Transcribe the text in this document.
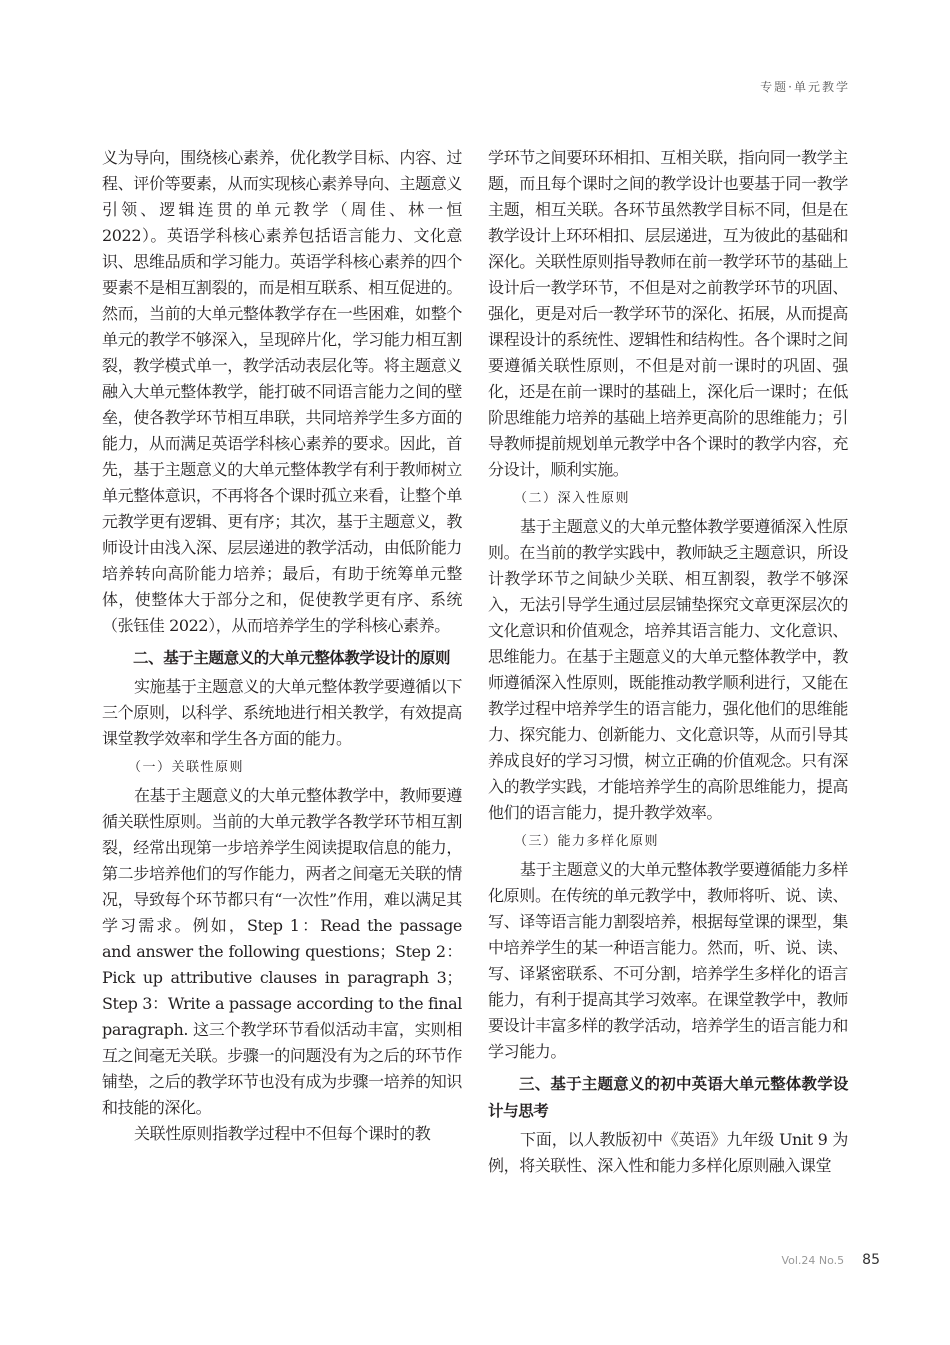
专题·单元教学

义为导向，围绕核心素养，优化教学目标、内容、过程、评价等要素，从而实现核心素养导向、主题意义引领、逻辑连贯的单元教学（周佳、林一恒 2022）。英语学科核心素养包括语言能力、文化意识、思维品质和学习能力。英语学科核心素养的四个要素不是相互割裂的，而是相互联系、相互促进的。然而，当前的大单元整体教学存在一些困难，如整个单元的教学不够深入，呈现碎片化，学习能力相互割裂，教学模式单一，教学活动表层化等。将主题意义融入大单元整体教学，能打破不同语言能力之间的壁垒，使各教学环节相互串联，共同培养学生多方面的能力，从而满足英语学科核心素养的要求。因此，首先，基于主题意义的大单元整体教学有利于教师树立单元整体意识，不再将各个课时孤立来看，让整个单元教学更有逻辑、更有序；其次，基于主题意义，教师设计由浅入深、层层递进的教学活动，由低阶能力培养转向高阶能力培养；最后，有助于统筹单元整体，使整体大于部分之和，促使教学更有序、系统（张钰佳 2022），从而培养学生的学科核心素养。

二、基于主题意义的大单元整体教学设计的原则

实施基于主题意义的大单元整体教学要遵循以下三个原则，以科学、系统地进行相关教学，有效提高课堂教学效率和学生各方面的能力。

（一）关联性原则

在基于主题意义的大单元整体教学中，教师要遵循关联性原则。当前的大单元教学各教学环节相互割裂，经常出现第一步培养学生阅读提取信息的能力，第二步培养他们的写作能力，两者之间毫无关联的情况，导致每个环节都只有“一次性”作用，难以满足其学习需求。例如，Step 1：Read the passage and answer the following questions；Step 2：Pick up attributive clauses in paragraph 3；Step 3：Write a passage according to the final paragraph. 这三个教学环节看似活动丰富，实则相互之间毫无关联。步骤一的问题没有为之后的环节作铺垫，之后的教学环节也没有成为步骤一培养的知识和技能的深化。

关联性原则指教学过程中不但每个课时的教

学环节之间要环环相扣、互相关联，指向同一教学主题，而且每个课时之间的教学设计也要基于同一教学主题，相互关联。各环节虽然教学目标不同，但是在教学设计上环环相扣、层层递进，互为彼此的基础和深化。关联性原则指导教师在前一教学环节的基础上设计后一教学环节，不但是对之前教学环节的巩固、强化，更是对后一教学环节的深化、拓展，从而提高课程设计的系统性、逻辑性和结构性。各个课时之间要遵循关联性原则，不但是对前一课时的巩固、强化，还是在前一课时的基础上，深化后一课时；在低阶思维能力培养的基础上培养更高阶的思维能力；引导教师提前规划单元教学中各个课时的教学内容，充分设计，顺利实施。

（二）深入性原则

基于主题意义的大单元整体教学要遵循深入性原则。在当前的教学实践中，教师缺乏主题意识，所设计教学环节之间缺少关联、相互割裂，教学不够深入，无法引导学生通过层层铺垫探究文章更深层次的文化意识和价值观念，培养其语言能力、文化意识、思维能力。在基于主题意义的大单元整体教学中，教师遵循深入性原则，既能推动教学顺利进行，又能在教学过程中培养学生的语言能力，强化他们的思维能力、探究能力、创新能力、文化意识等，从而引导其养成良好的学习习惯，树立正确的价值观念。只有深入的教学实践，才能培养学生的高阶思维能力，提高他们的语言能力，提升教学效率。

（三）能力多样化原则

基于主题意义的大单元整体教学要遵循能力多样化原则。在传统的单元教学中，教师将听、说、读、写、译等语言能力割裂培养，根据每堂课的课型，集中培养学生的某一种语言能力。然而，听、说、读、写、译紧密联系、不可分割，培养学生多样化的语言能力，有利于提高其学习效率。在课堂教学中，教师要设计丰富多样的教学活动，培养学生的语言能力和学习能力。

三、基于主题意义的初中英语大单元整体教学设计与思考

下面，以人教版初中《英语》九年级 Unit 9 为例，将关联性、深入性和能力多样化原则融入课堂

Vol.24 No.5 85
